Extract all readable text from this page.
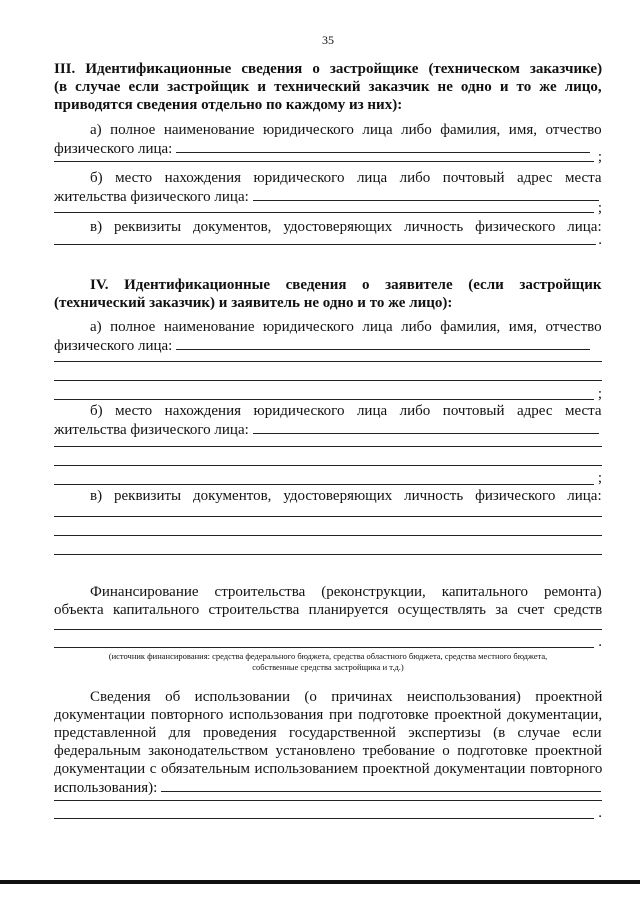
35
III. Идентификационные сведения о застройщике (техническом заказчике)
(в случае если застройщик и технический заказчик не одно и то же лицо,
приводятся сведения отдельно по каждому из них):
а) полное наименование юридического лица либо фамилия, имя, отчество
физического лица:	;
б) место нахождения юридического лица либо почтовый адрес места
жительства физического лица:
;
в) реквизиты документов, удостоверяющих личность физического лица:
.
IV. Идентификационные сведения о заявителе (если застройщик
(технический заказчик) и заявитель не одно и то же лицо):
а) полное наименование юридического лица либо фамилия, имя, отчество
физического лица:
;
б) место нахождения юридического лица либо почтовый адрес места
жительства физического лица:
;
в) реквизиты документов, удостоверяющих личность физического лица:
Финансирование строительства (реконструкции, капитального ремонта)
объекта капитального строительства планируется осуществлять за счет средств
.
(источник финансирования: средства федерального бюджета, средства областного бюджета, средства местного бюджета,
собственные средства застройщика и т.д.)
Сведения об использовании (о причинах неиспользования) проектной
документации повторного использования при подготовке проектной документации,
представленной для проведения государственной экспертизы (в случае если
федеральным законодательством установлено требование о подготовке проектной
документации с обязательным использованием проектной документации повторного
использования):
.
